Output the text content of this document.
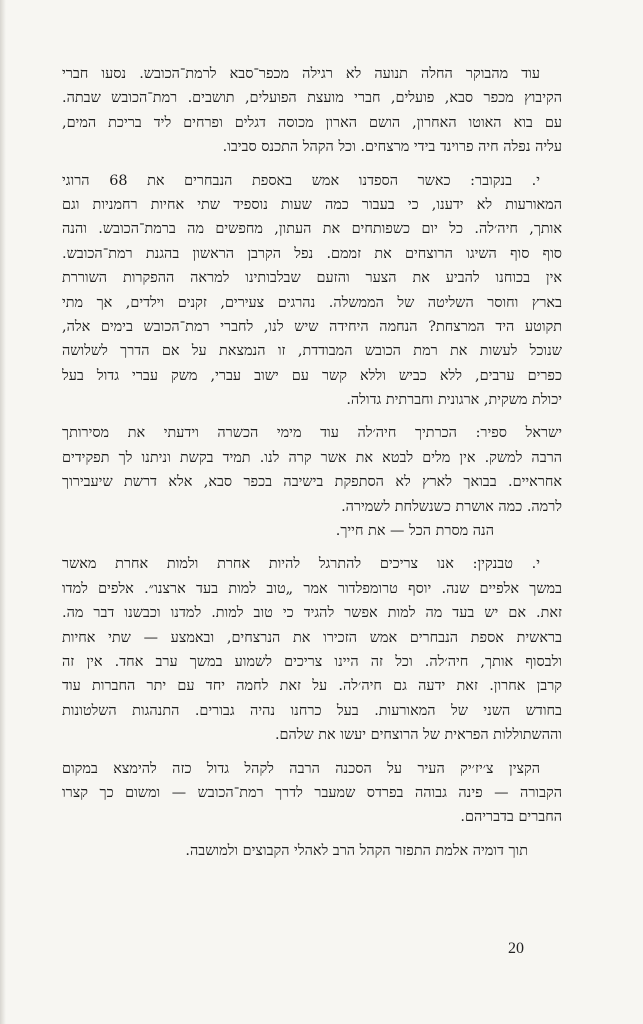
עוד מהבוקר החלה תנועה לא רגילה מכפר־סבא לרמת־הכובש. נסעו חברי
הקיבוץ מכפר סבא, פועלים, חברי מועצת הפועלים, תושבים. רמת־הכובש שבתה.
עם בוא האוטו האחרון, הושם הארון מכוסה דגלים ופרחים ליד בריכת המים,
עליה נפלה חיה פרוינד בידי מרצחים. וכל הקהל התכנס סביבו.
י. בנקובר: כאשר הספדנו אמש באספת הנבחרים את 68 הרוגי
המאורעות לא ידענו, כי בעבור כמה שעות נוספיד שתי אחיות רחמניות וגם
אותך, חיה׳לה. כל יום כשפותחים את העתון, מחפשים מה ברמת־הכובש. והנה
סוף סוף השיגו הרוצחים את זממם. נפל הקרבן הראשון בהגנת רמת־הכובש.
אין בכוחנו להביע את הצער והזעם שבלבותינו למראה ההפקרות השוררת
בארץ וחוסר השליטה של הממשלה. נהרגים צעירים, זקנים וילדים, אך מתי
תקוטע היד המרצחת? הנחמה היחידה שיש לנו, לחברי רמת־הכובש בימים אלה,
שנוכל לעשות את רמת הכובש המבודדת, זו הנמצאת על אם הדרך לשלושה
כפרים ערבים, ללא כביש וללא קשר עם ישוב עברי, משק עברי גדול בעל
יכולת משקית, ארגונית וחברתית גדולה.
ישראל ספיר: הכרתיך חיה׳לה עוד מימי הכשרה וידעתי את מסירותך
הרבה למשק. אין מלים לבטא את אשר קרה לנו. תמיד בקשת וניתנו לך תפקידים
אחראיים. בבואך לארץ לא הסתפקת בישיבה בכפר סבא, אלא דרשת שיעבירוך
לרמה. כמה אושרת כשנשלחת לשמירה.
הנה מסרת הכל — את חייך.
י. טבנקין: אנו צריכים להתרגל להיות אחרת ולמות אחרת מאשר
במשך אלפיים שנה. יוסף טרומפלדור אמר „טוב למות בעד ארצנו״. אלפים למדו
זאת. אם יש בעד מה למות אפשר להגיד כי טוב למות. למדנו וכבשנו דבר מה.
בראשית אספת הנבחרים אמש הזכירו את הנרצחים, ובאמצע — שתי אחיות
ולבסוף אותך, חיה׳לה. וכל זה היינו צריכים לשמוע במשך ערב אחד. אין זה
קרבן אחרון. זאת ידעה גם חיה׳לה. על זאת לחמה יחד עם יתר החברות עוד
בחודש השני של המאורעות. בעל כרחנו נהיה גבורים. התנהגות השלטונות
וההשתוללות הפראית של הרוצחים יעשו את שלהם.
הקצין צ׳יז׳יק העיר על הסכנה הרבה לקהל גדול כזה להימצא במקום
הקבורה — פינה גבוהה בפרדס שמעבר לדרך רמת־הכובש — ומשום כך קצרו
החברים בדבריהם.
תוך דומיה אלמת התפזר הקהל הרב לאהלי הקבוצים ולמושבה.
20
